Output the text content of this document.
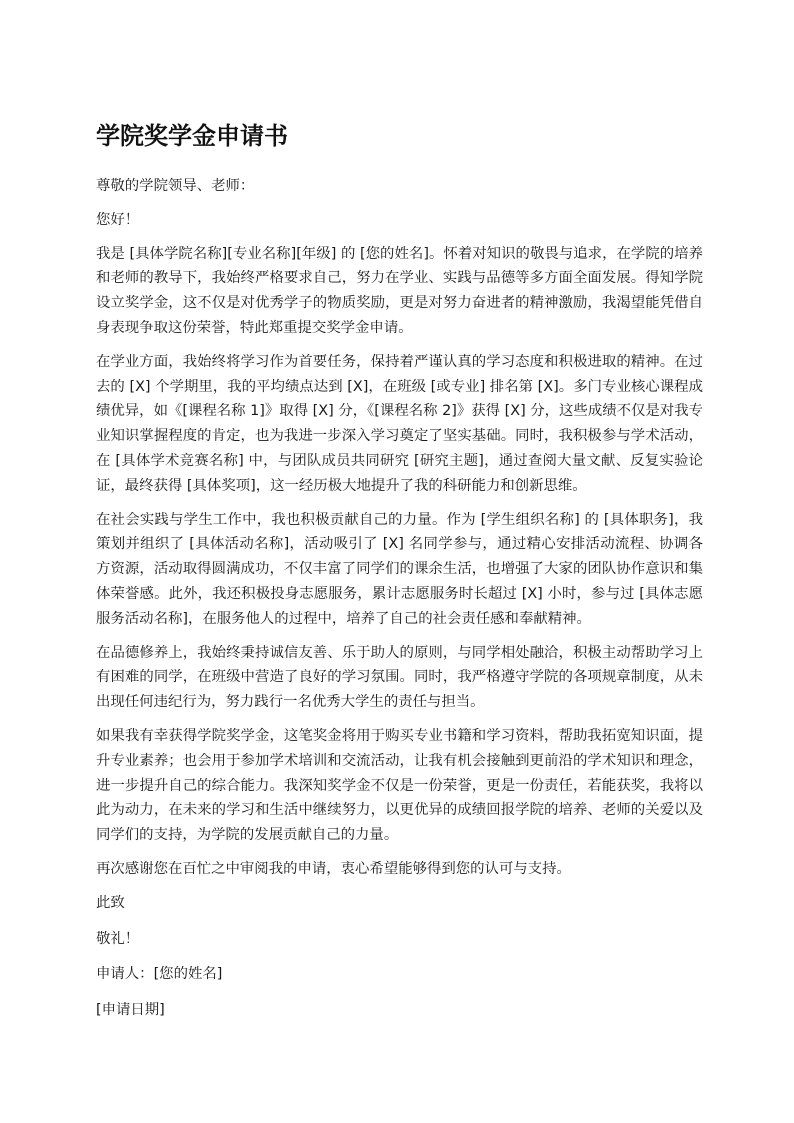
学院奖学金申请书

尊敬的学院领导、老师：

您好！

我是 [具体学院名称][专业名称][年级] 的 [您的姓名]。怀着对知识的敬畏与追求，在学院的培养和老师的教导下，我始终严格要求自己，努力在学业、实践与品德等多方面全面发展。得知学院设立奖学金，这不仅是对优秀学子的物质奖励，更是对努力奋进者的精神激励，我渴望能凭借自身表现争取这份荣誉，特此郑重提交奖学金申请。

在学业方面，我始终将学习作为首要任务，保持着严谨认真的学习态度和积极进取的精神。在过去的 [X] 个学期里，我的平均绩点达到 [X]，在班级 [或专业] 排名第 [X]。多门专业核心课程成绩优异，如《[课程名称 1]》取得 [X] 分，《[课程名称 2]》获得 [X] 分，这些成绩不仅是对我专业知识掌握程度的肯定，也为我进一步深入学习奠定了坚实基础。同时，我积极参与学术活动，在 [具体学术竞赛名称] 中，与团队成员共同研究 [研究主题]，通过查阅大量文献、反复实验论证，最终获得 [具体奖项]，这一经历极大地提升了我的科研能力和创新思维。

在社会实践与学生工作中，我也积极贡献自己的力量。作为 [学生组织名称] 的 [具体职务]，我策划并组织了 [具体活动名称]，活动吸引了 [X] 名同学参与，通过精心安排活动流程、协调各方资源，活动取得圆满成功，不仅丰富了同学们的课余生活，也增强了大家的团队协作意识和集体荣誉感。此外，我还积极投身志愿服务，累计志愿服务时长超过 [X] 小时，参与过 [具体志愿服务活动名称]，在服务他人的过程中，培养了自己的社会责任感和奉献精神。

在品德修养上，我始终秉持诚信友善、乐于助人的原则，与同学相处融洽，积极主动帮助学习上有困难的同学，在班级中营造了良好的学习氛围。同时，我严格遵守学院的各项规章制度，从未出现任何违纪行为，努力践行一名优秀大学生的责任与担当。

如果我有幸获得学院奖学金，这笔奖金将用于购买专业书籍和学习资料，帮助我拓宽知识面，提升专业素养；也会用于参加学术培训和交流活动，让我有机会接触到更前沿的学术知识和理念，进一步提升自己的综合能力。我深知奖学金不仅是一份荣誉，更是一份责任，若能获奖，我将以此为动力，在未来的学习和生活中继续努力，以更优异的成绩回报学院的培养、老师的关爱以及同学们的支持，为学院的发展贡献自己的力量。

再次感谢您在百忙之中审阅我的申请，衷心希望能够得到您的认可与支持。

此致

敬礼！

申请人：[您的姓名]

[申请日期]
